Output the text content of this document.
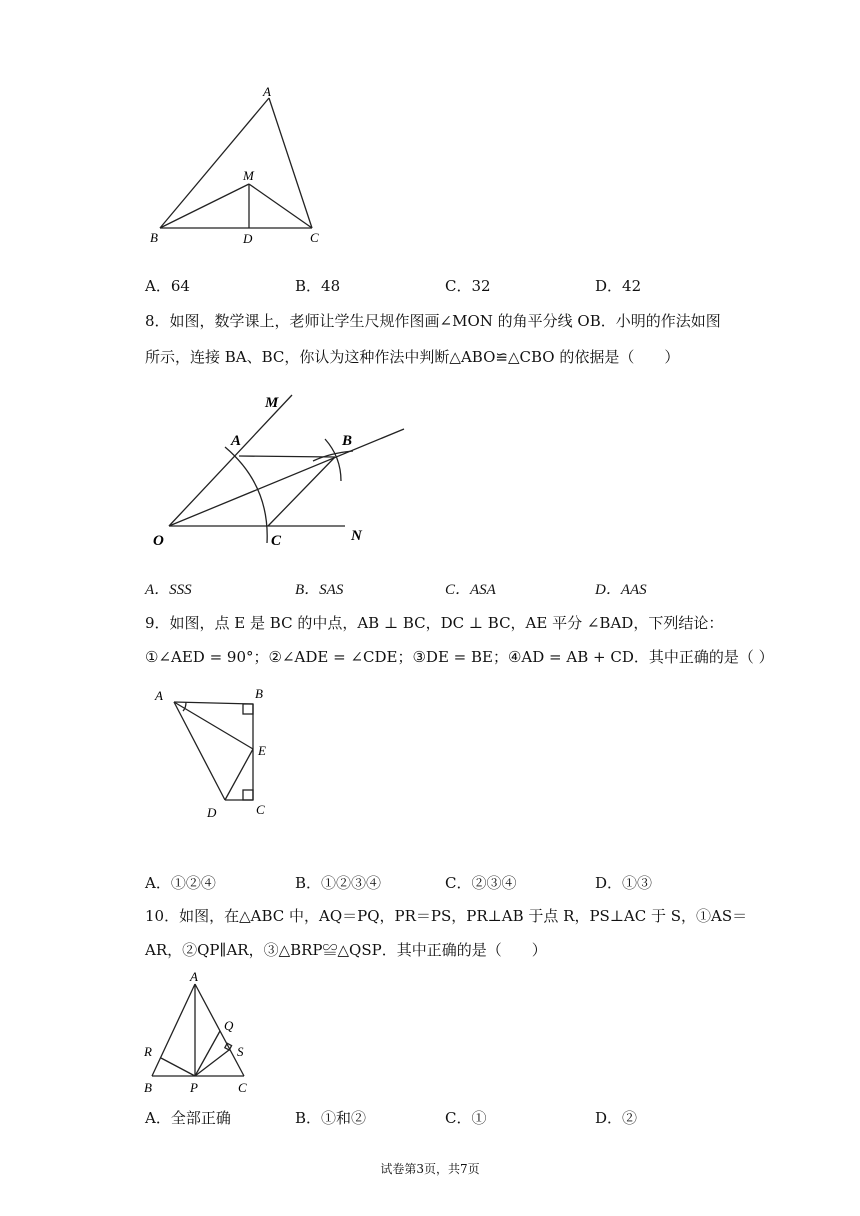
A
M
B	D	C
A．64	B．48	C．32	D．42
8．如图，数学课上，老师让学生尺规作图画∠MON 的角平分线 OB．小明的作法如图
所示，连接 BA、BC，你认为这种作法中判断△ABO≌△CBO 的依据是（　　）
M
A	B
O	C	N
A．SSS	B．SAS	C．ASA	D．AAS
9．如图，点 E 是 BC 的中点，AB ⊥ BC，DC ⊥ BC，AE 平分 ∠BAD，下列结论：
①∠AED = 90°；②∠ADE = ∠CDE；③DE = BE；④AD = AB + CD．其中正确的是（ ）
A	B
E
D	C
A．①②④	B．①②③④	C．②③④	D．①③
10．如图，在△ABC 中，AQ＝PQ，PR＝PS，PR⊥AB 于点 R，PS⊥AC 于 S，①AS＝
AR，②QP∥AR，③△BRP≌△QSP．其中正确的是（　　）
A
Q
R	S
B	P	C
A．全部正确	B．①和②	C．①	D．②
试卷第3页，共7页
